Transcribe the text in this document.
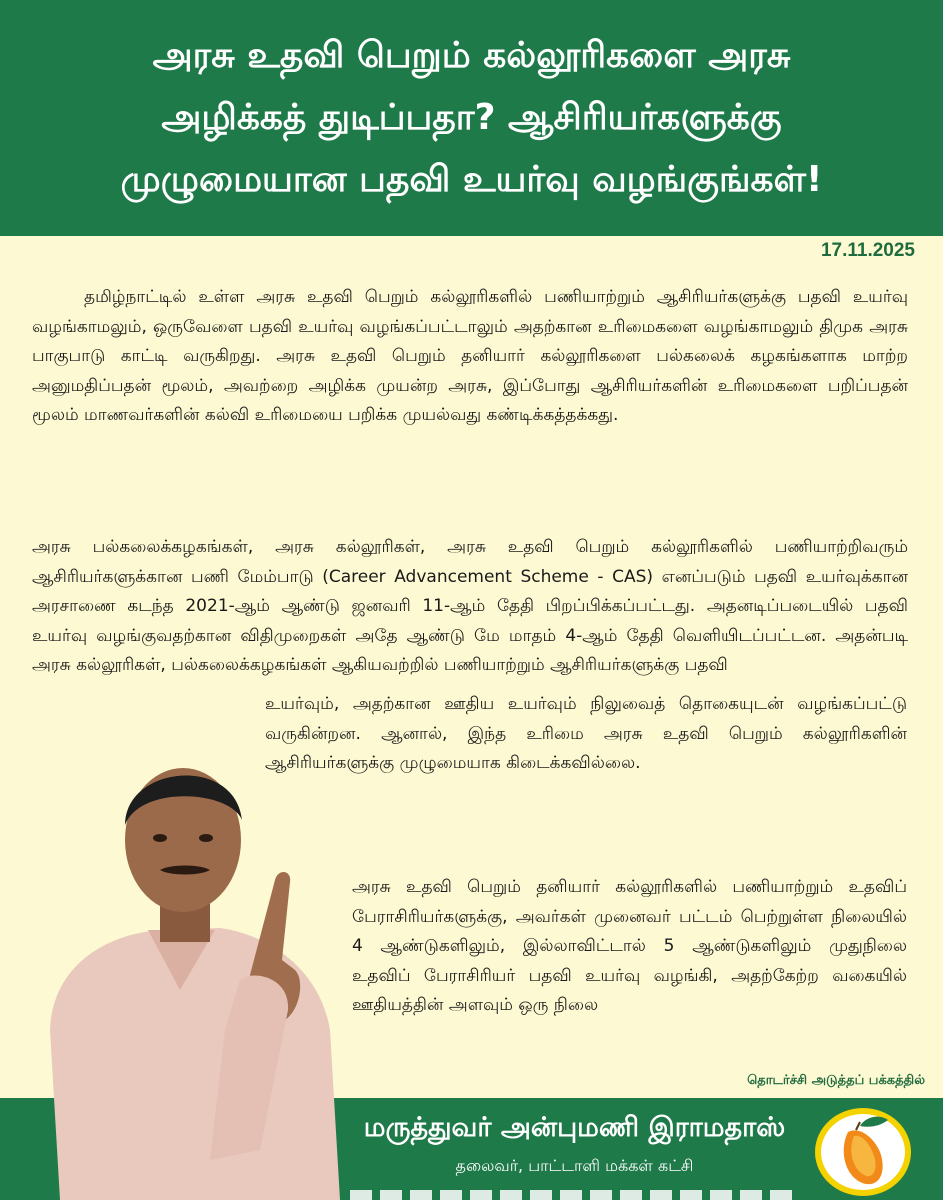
அரசு உதவி பெறும் கல்லூரிகளை அரசு
அழிக்கத் துடிப்பதா? ஆசிரியர்களுக்கு
முழுமையான பதவி உயர்வு வழங்குங்கள்!
17.11.2025
தமிழ்நாட்டில் உள்ள அரசு உதவி பெறும் கல்லூரிகளில் பணியாற்றும் ஆசிரியர்களுக்கு பதவி உயர்வு வழங்காமலும், ஒருவேளை பதவி உயர்வு வழங்கப்பட்டாலும் அதற்கான உரிமைகளை வழங்காமலும் திமுக அரசு பாகுபாடு காட்டி வருகிறது. அரசு உதவி பெறும் தனியார் கல்லூரிகளை பல்கலைக் கழகங்களாக மாற்ற அனுமதிப்பதன் மூலம், அவற்றை அழிக்க முயன்ற அரசு, இப்போது ஆசிரியர்களின் உரிமைகளை பறிப்பதன் மூலம் மாணவர்களின் கல்வி உரிமையை பறிக்க முயல்வது கண்டிக்கத்தக்கது.
அரசு பல்கலைக்கழகங்கள், அரசு கல்லூரிகள், அரசு உதவி பெறும் கல்லூரிகளில் பணியாற்றிவரும் ஆசிரியர்களுக்கான பணி மேம்பாடு (Career Advancement Scheme - CAS) எனப்படும் பதவி உயர்வுக்கான அரசாணை கடந்த 2021-ஆம் ஆண்டு ஜனவரி 11-ஆம் தேதி பிறப்பிக்கப்பட்டது. அதனடிப்படையில் பதவி உயர்வு வழங்குவதற்கான விதிமுறைகள் அதே ஆண்டு மே மாதம் 4-ஆம் தேதி வெளியிடப்பட்டன. அதன்படி அரசு கல்லூரிகள், பல்கலைக்கழகங்கள் ஆகியவற்றில் பணியாற்றும் ஆசிரியர்களுக்கு பதவி
உயர்வும், அதற்கான ஊதிய உயர்வும் நிலுவைத் தொகையுடன் வழங்கப்பட்டு வருகின்றன. ஆனால், இந்த உரிமை அரசு உதவி பெறும் கல்லூரிகளின் ஆசிரியர்களுக்கு முழுமையாக கிடைக்கவில்லை.
அரசு உதவி பெறும் தனியார் கல்லூரிகளில் பணியாற்றும் உதவிப் பேராசிரியர்களுக்கு, அவர்கள் முனைவர் பட்டம் பெற்றுள்ள நிலையில் 4 ஆண்டுகளிலும், இல்லாவிட்டால் 5 ஆண்டுகளிலும் முதுநிலை உதவிப் பேராசிரியர் பதவி உயர்வு வழங்கி, அதற்கேற்ற வகையில் ஊதியத்தின் அளவும் ஒரு நிலை
தொடர்ச்சி அடுத்தப் பக்கத்தில்
மருத்துவர் அன்புமணி இராமதாஸ்
தலைவர், பாட்டாளி மக்கள் கட்சி
